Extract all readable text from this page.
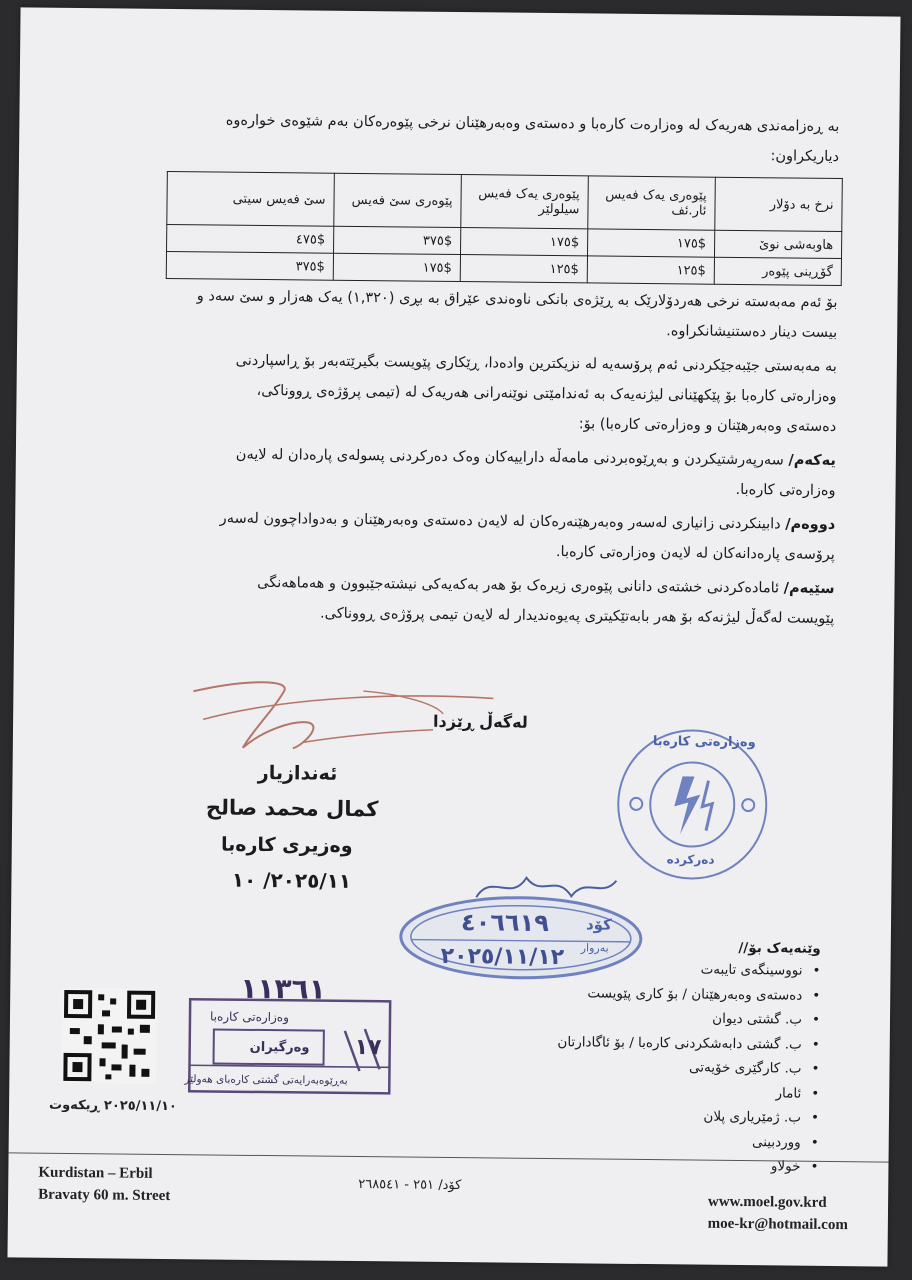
بە ڕەزامەندی هەریەک لە وەزارەت کارەبا و دەستەی وەبەرهێنان نرخی پێوەرەکان بەم شێوەی خوارەوە
دیاریکراون:
نرخ بە دۆلار	پێوەری یەک فەیس ئار.ئف	پێوەری یەک فەیس سیلولێر	پێوەری سێ فەیس	سێ فەیس سیتی
هاوبەشی نوێ	$١٧٥	$١٧٥	$٣٧٥	$٤٧٥
گۆڕینی پێوەر	$١٢٥	$١٢٥	$١٧٥	$٣٧٥
بۆ ئەم مەبەستە نرخی هەردۆلارێک بە ڕێژەی بانکی ناوەندی عێراق بە بڕی (١,٣٢٠) یەک هەزار و سێ سەد و
بیست دینار دەستنیشانکراوە.
بە مەبەستی جێبەجێکردنی ئەم پرۆسەیە لە نزیکترین وادەدا، ڕێکاری پێویست بگیرێتەبەر بۆ ڕاسپاردنی
وەزارەتی کارەبا بۆ پێکهێنانی لیژنەیەک بە ئەندامێتی نوێنەرانی هەریەک لە (تیمی پرۆژەی ڕووناکی،
دەستەی وەبەرهێنان و وەزارەتی کارەبا) بۆ:
یەکەم/ سەرپەرشتیکردن و بەڕێوەبردنی مامەڵە داراییەکان وەک دەرکردنی پسولەی پارەدان لە لایەن
وەزارەتی کارەبا.
دووەم/ دابینکردنی زانیاری لەسەر وەبەرهێنەرەکان لە لایەن دەستەی وەبەرهێنان و بەدواداچوون لەسەر
پرۆسەی پارەدانەکان لە لایەن وەزارەتی کارەبا.
سێیەم/ ئامادەکردنی خشتەی دانانی پێوەری زیرەک بۆ هەر بەکەیەکی نیشتەجێبوون و هەماهەنگی
پێویست لەگەڵ لیژنەکە بۆ هەر بابەتێکیتری پەیوەندیدار لە لایەن تیمی پرۆژەی ڕووناکی.
لەگەڵ ڕێزدا
ئەندازیار
کمال محمد صالح
وەزیری کارەبا
٢٠٢٥/١١/ ١٠
وەزارەتی کارەبا
دەرکردە
کۆد
٤٠٦٦١٩
بەروار
٢٠٢٥/١١/١٢
١١٣٦١
وەزارەتی کارەبا
وەرگیران ١٧
بەڕێوەبەرایەتی گشتی کارەبای هەولێر
٢٠٢٥/١١/١٠ ڕیکەوت
وێنەیەک بۆ//
• نووسینگەی تایبەت
• دەستەی وەبەرهێنان / بۆ کاری پێویست
• ب. گشتی دیوان
• ب. گشتی دابەشکردنی کارەبا / بۆ ئاگادارتان
• ب. کارگێری خۆیەتی
• ئامار
• ب. ژمێریاری پلان
• ووردبینی
• خولاو
Kurdistan – Erbil
Bravaty 60 m. Street
کۆد/ ٢٥١ - ٢٦٨٥٤١
www.moel.gov.krd
moe-kr@hotmail.com
